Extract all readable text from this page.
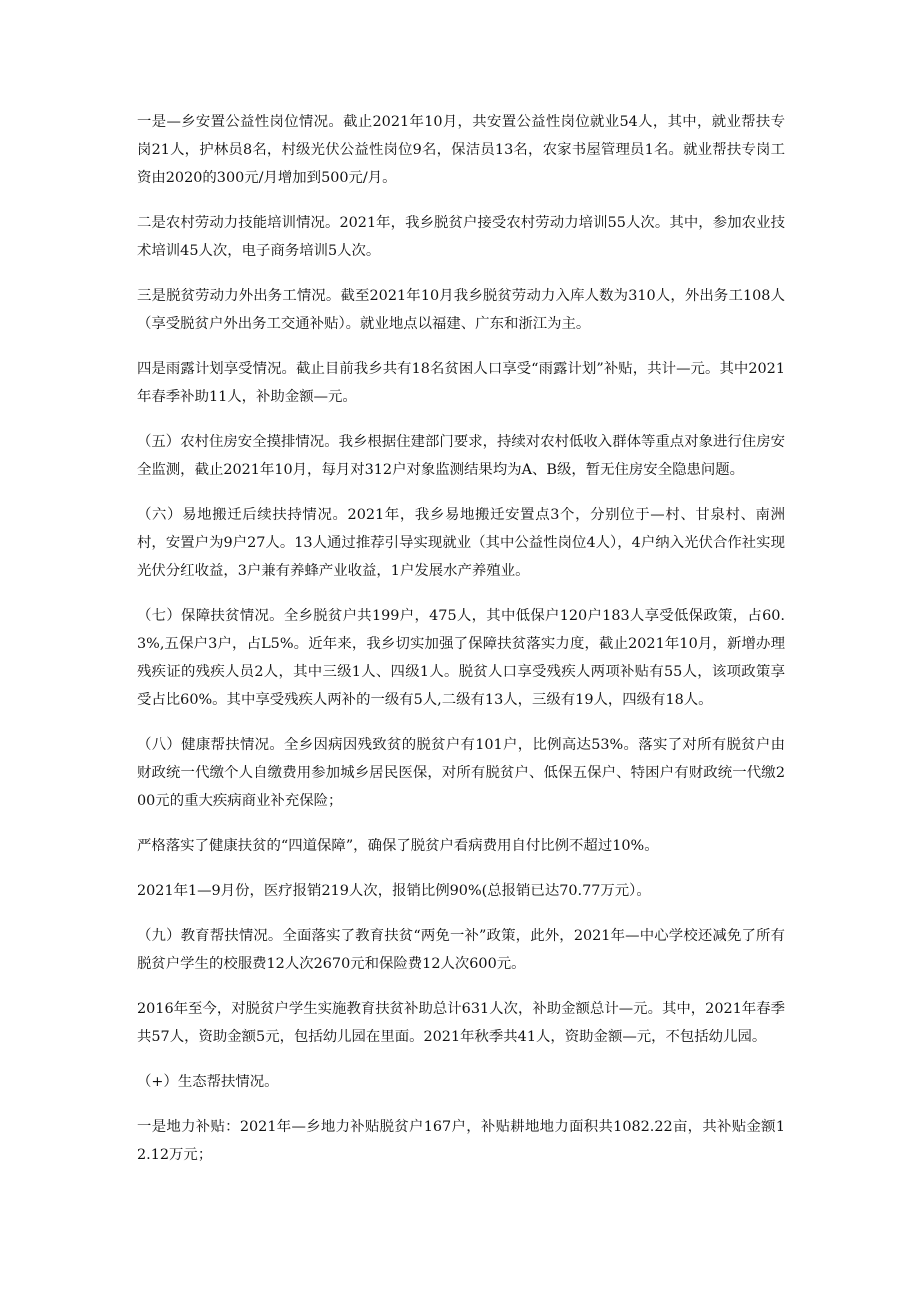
一是—乡安置公益性岗位情况。截止2021年10月，共安置公益性岗位就业54人，其中，就业帮扶专岗21人，护林员8名，村级光伏公益性岗位9名，保洁员13名，农家书屋管理员1名。就业帮扶专岗工资由2020的300元/月增加到500元/月。

二是农村劳动力技能培训情况。2021年，我乡脱贫户接受农村劳动力培训55人次。其中，参加农业技术培训45人次，电子商务培训5人次。

三是脱贫劳动力外出务工情况。截至2021年10月我乡脱贫劳动力入库人数为310人，外出务工108人（享受脱贫户外出务工交通补贴）。就业地点以福建、广东和浙江为主。

四是雨露计划享受情况。截止目前我乡共有18名贫困人口享受“雨露计划”补贴，共计—元。其中2021年春季补助11人，补助金额—元。

（五）农村住房安全摸排情况。我乡根据住建部门要求，持续对农村低收入群体等重点对象进行住房安全监测，截止2021年10月，每月对312户对象监测结果均为A、B级，暂无住房安全隐患问题。

（六）易地搬迁后续扶持情况。2021年，我乡易地搬迁安置点3个，分别位于—村、甘泉村、南洲村，安置户为9户27人。13人通过推荐引导实现就业（其中公益性岗位4人），4户纳入光伏合作社实现光伏分红收益，3户兼有养蜂产业收益，1户发展水产养殖业。

（七）保障扶贫情况。全乡脱贫户共199户，475人，其中低保户120户183人享受低保政策，占60.3%,五保户3户，占L5%。近年来，我乡切实加强了保障扶贫落实力度，截止2021年10月，新增办理残疾证的残疾人员2人，其中三级1人、四级1人。脱贫人口享受残疾人两项补贴有55人，该项政策享受占比60%。其中享受残疾人两补的一级有5人,二级有13人，三级有19人，四级有18人。

（八）健康帮扶情况。全乡因病因残致贫的脱贫户有101户，比例高达53%。落实了对所有脱贫户由财政统一代缴个人自缴费用参加城乡居民医保，对所有脱贫户、低保五保户、特困户有财政统一代缴200元的重大疾病商业补充保险；

严格落实了健康扶贫的“四道保障”，确保了脱贫户看病费用自付比例不超过10%。

2021年1—9月份，医疗报销219人次，报销比例90%(总报销已达70.77万元）。

（九）教育帮扶情况。全面落实了教育扶贫“两免一补”政策，此外，2021年—中心学校还减免了所有脱贫户学生的校服费12人次2670元和保险费12人次600元。

2016年至今，对脱贫户学生实施教育扶贫补助总计631人次，补助金额总计—元。其中，2021年春季共57人，资助金额5元，包括幼儿园在里面。2021年秋季共41人，资助金额—元，不包括幼儿园。

（+）生态帮扶情况。

一是地力补贴：2021年—乡地力补贴脱贫户167户，补贴耕地地力面积共1082.22亩，共补贴金额12.12万元；
